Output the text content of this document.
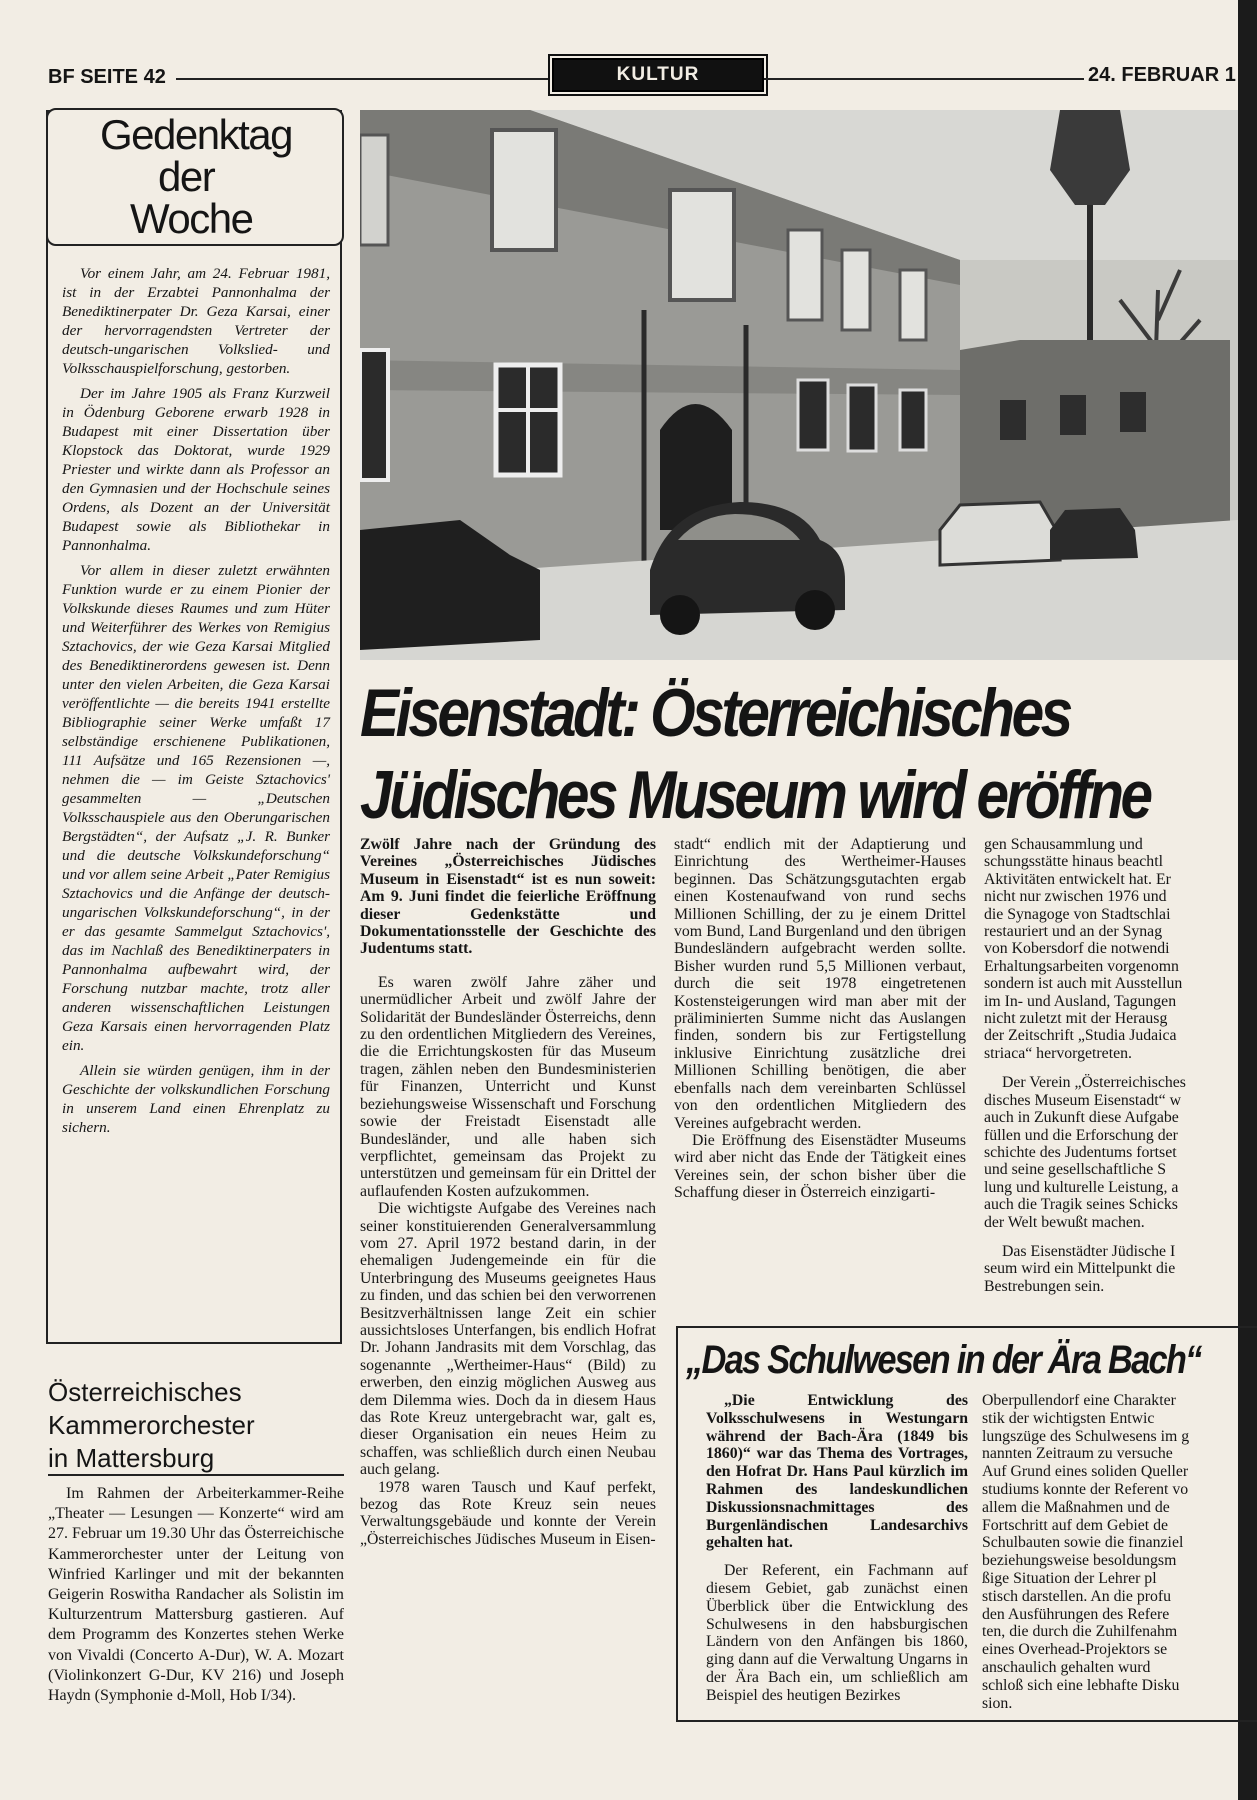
BF SEITE 42	KULTUR	24. FEBRUAR 1
Gedenktag
der
Woche

Vor einem Jahr, am 24. Februar 1981, ist in der Erzabtei Pannonhalma der Benediktinerpater Dr. Geza Karsai, einer der hervorragendsten Vertreter der deutsch-ungarischen Volkslied- und Volksschauspielforschung, gestorben.

Der im Jahre 1905 als Franz Kurzweil in Ödenburg Geborene erwarb 1928 in Budapest mit einer Dissertation über Klopstock das Doktorat, wurde 1929 Priester und wirkte dann als Professor an den Gymnasien und der Hochschule seines Ordens, als Dozent an der Universität Budapest sowie als Bibliothekar in Pannonhalma.

Vor allem in dieser zuletzt erwähnten Funktion wurde er zu einem Pionier der Volkskunde dieses Raumes und zum Hüter und Weiterführer des Werkes von Remigius Sztachovics, der wie Geza Karsai Mitglied des Benediktinerordens gewesen ist. Denn unter den vielen Arbeiten, die Geza Karsai veröffentlichte — die bereits 1941 erstellte Bibliographie seiner Werke umfaßt 17 selbständige erschienene Publikationen, 111 Aufsätze und 165 Rezensionen —, nehmen die — im Geiste Sztachovics' gesammelten — „Deutschen Volksschauspiele aus den Oberungarischen Bergstädten“, der Aufsatz „J. R. Bunker und die deutsche Volkskundeforschung“ und vor allem seine Arbeit „Pater Remigius Sztachovics und die Anfänge der deutsch-ungarischen Volkskundeforschung“, in der er das gesamte Sammelgut Sztachovics', das im Nachlaß des Benediktinerpaters in Pannonhalma aufbewahrt wird, der Forschung nutzbar machte, trotz aller anderen wissenschaftlichen Leistungen Geza Karsais einen hervorragenden Platz ein.

Allein sie würden genügen, ihm in der Geschichte der volkskundlichen Forschung in unserem Land einen Ehrenplatz zu sichern.

Österreichisches
Kammerorchester
in Mattersburg

Im Rahmen der Arbeiterkammer-Reihe „Theater — Lesungen — Konzerte“ wird am 27. Februar um 19.30 Uhr das Österreichische Kammerorchester unter der Leitung von Winfried Karlinger und mit der bekannten Geigerin Roswitha Randacher als Solistin im Kulturzentrum Mattersburg gastieren. Auf dem Programm des Konzertes stehen Werke von Vivaldi (Concerto A-Dur), W. A. Mozart (Violinkonzert G-Dur, KV 216) und Joseph Haydn (Symphonie d-Moll, Hob I/34).

Eisenstadt: Österreichisches
Jüdisches Museum wird eröffne

Zwölf Jahre nach der Gründung des Vereines „Österreichisches Jüdisches Museum in Eisenstadt“ ist es nun soweit: Am 9. Juni findet die feierliche Eröffnung dieser Gedenkstätte und Dokumentationsstelle der Geschichte des Judentums statt.

Es waren zwölf Jahre zäher und unermüdlicher Arbeit und zwölf Jahre der Solidarität der Bundesländer Österreichs, denn zu den ordentlichen Mitgliedern des Vereines, die die Errichtungskosten für das Museum tragen, zählen neben den Bundesministerien für Finanzen, Unterricht und Kunst beziehungsweise Wissenschaft und Forschung sowie der Freistadt Eisenstadt alle Bundesländer, und alle haben sich verpflichtet, gemeinsam das Projekt zu unterstützen und gemeinsam für ein Drittel der auflaufenden Kosten aufzukommen.

Die wichtigste Aufgabe des Vereines nach seiner konstituierenden Generalversammlung vom 27. April 1972 bestand darin, in der ehemaligen Judengemeinde ein für die Unterbringung des Museums geeignetes Haus zu finden, und das schien bei den verworrenen Besitzverhältnissen lange Zeit ein schier aussichtsloses Unterfangen, bis endlich Hofrat Dr. Johann Jandrasits mit dem Vorschlag, das sogenannte „Wertheimer-Haus“ (Bild) zu erwerben, den einzig möglichen Ausweg aus dem Dilemma wies. Doch da in diesem Haus das Rote Kreuz untergebracht war, galt es, dieser Organisation ein neues Heim zu schaffen, was schließlich durch einen Neubau auch gelang.

1978 waren Tausch und Kauf perfekt, bezog das Rote Kreuz sein neues Verwaltungsgebäude und konnte der Verein „Österreichisches Jüdisches Museum in Eisen-

stadt“ endlich mit der Adaptierung und Einrichtung des Wertheimer-Hauses beginnen. Das Schätzungsgutachten ergab einen Kostenaufwand von rund sechs Millionen Schilling, der zu je einem Drittel vom Bund, Land Burgenland und den übrigen Bundesländern aufgebracht werden sollte. Bisher wurden rund 5,5 Millionen verbaut, durch die seit 1978 eingetretenen Kostensteigerungen wird man aber mit der präliminierten Summe nicht das Auslangen finden, sondern bis zur Fertigstellung inklusive Einrichtung zusätzliche drei Millionen Schilling benötigen, die aber ebenfalls nach dem vereinbarten Schlüssel von den ordentlichen Mitgliedern des Vereines aufgebracht werden.

Die Eröffnung des Eisenstädter Museums wird aber nicht das Ende der Tätigkeit eines Vereines sein, der schon bisher über die Schaffung dieser in Österreich einzigarti-

gen Schausammlung und

schungsstätte hinaus beachtl

Aktivitäten entwickelt hat. Er

nicht nur zwischen 1976 und

die Synagoge von Stadtschlai

restauriert und an der Synag

von Kobersdorf die notwendi

Erhaltungsarbeiten vorgenomn

sondern ist auch mit Ausstellun

im In- und Ausland, Tagungen

nicht zuletzt mit der Herausg

der Zeitschrift „Studia Judaica

striaca“ hervorgetreten.

Der Verein „Österreichisches

disches Museum Eisenstadt“ w

auch in Zukunft diese Aufgabe

füllen und die Erforschung der

schichte des Judentums fortset

und seine gesellschaftliche S

lung und kulturelle Leistung, a

auch die Tragik seines Schicks

der Welt bewußt machen.

Das Eisenstädter Jüdische I

seum wird ein Mittelpunkt die

Bestrebungen sein.

„Das Schulwesen in der Ära Bach“

„Die Entwicklung des Volksschulwesens in Westungarn während der Bach-Ära (1849 bis 1860)“ war das Thema des Vortrages, den Hofrat Dr. Hans Paul kürzlich im Rahmen des landeskundlichen Diskussionsnachmittages des Burgenländischen Landesarchivs gehalten hat.

Der Referent, ein Fachmann auf diesem Gebiet, gab zunächst einen Überblick über die Entwicklung des Schulwesens in den habsburgischen Ländern von den Anfängen bis 1860, ging dann auf die Verwaltung Ungarns in der Ära Bach ein, um schließlich am Beispiel des heutigen Bezirkes

Oberpullendorf eine Charakter

stik der wichtigsten Entwic

lungszüge des Schulwesens im g

nannten Zeitraum zu versuche

Auf Grund eines soliden Queller

studiums konnte der Referent vo

allem die Maßnahmen und de

Fortschritt auf dem Gebiet de

Schulbauten sowie die finanziel

beziehungsweise besoldungsm

ßige Situation der Lehrer pl

stisch darstellen. An die profu

den Ausführungen des Refere

ten, die durch die Zuhilfenahm

eines Overhead-Projektors se

anschaulich gehalten wurd

schloß sich eine lebhafte Disku

sion.
